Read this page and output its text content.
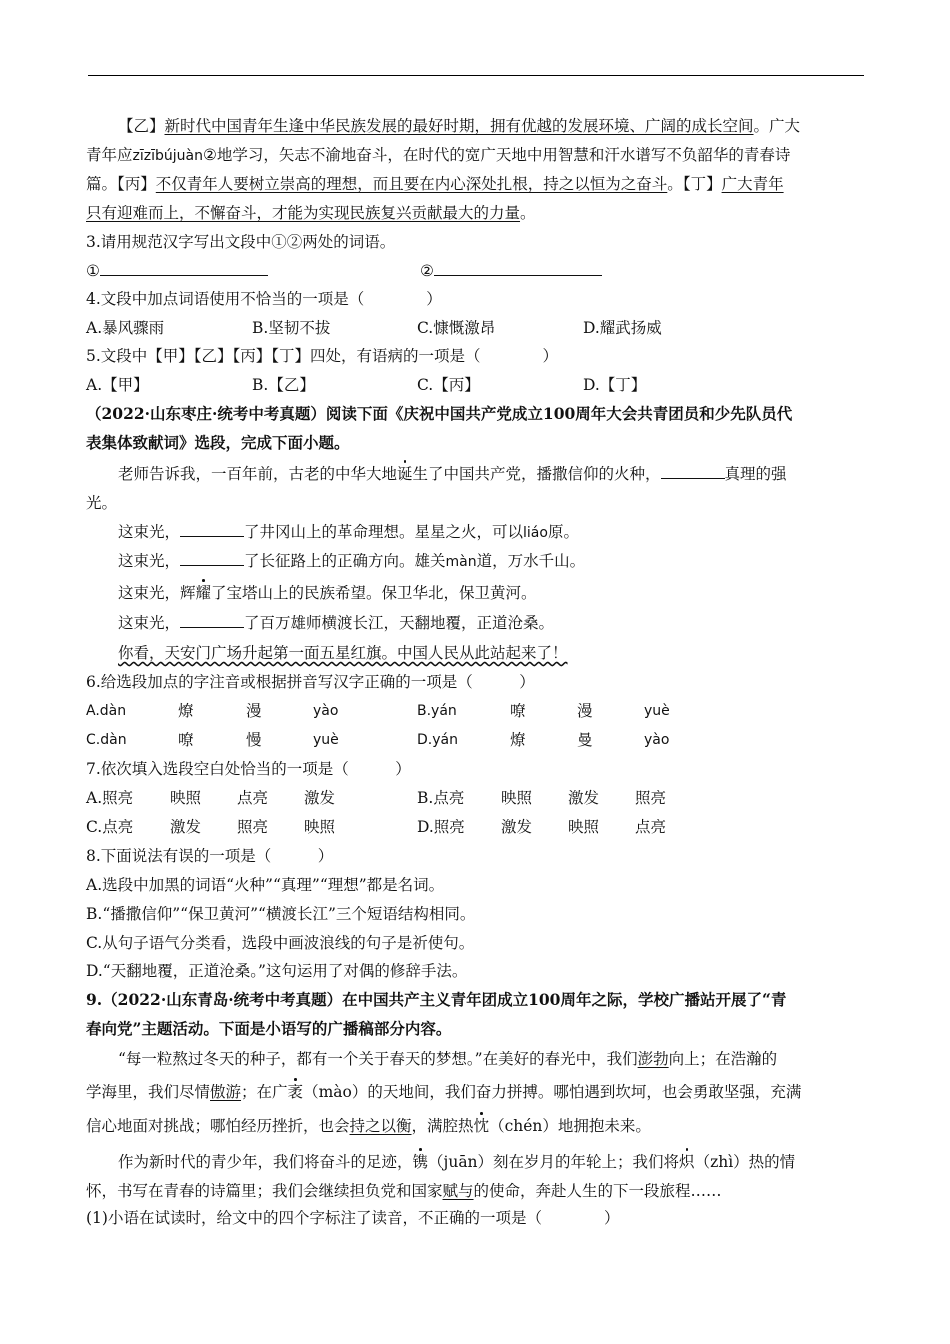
【乙】新时代中国青年生逢中华民族发展的最好时期，拥有优越的发展环境、广阔的成长空间。广大
青年应zīzībújuàn②地学习，矢志不渝地奋斗，在时代的宽广天地中用智慧和汗水谱写不负韶华的青春诗
篇。【丙】不仅青年人要树立崇高的理想，而且要在内心深处扎根，持之以恒为之奋斗。【丁】广大青年
只有迎难而上，不懈奋斗，才能为实现民族复兴贡献最大的力量。
3.请用规范汉字写出文段中①②两处的词语。
①	②
4.文段中加点词语使用不恰当的一项是（　　　　）
A.暴风骤雨	B.坚韧不拔	C.慷慨激昂	D.耀武扬威
5.文段中【甲】【乙】【丙】【丁】四处，有语病的一项是（　　　　）
A.【甲】	B.【乙】	C.【丙】	D.【丁】
（2022·山东枣庄·统考中考真题）阅读下面《庆祝中国共产党成立100周年大会共青团员和少先队员代
表集体致献词》选段，完成下面小题。
老师告诉我，一百年前，古老的中华大地诞生了中国共产党，播撒信仰的火种，	真理的强
光。
这束光，	了井冈山上的革命理想。星星之火，可以liáo原。
这束光，	了长征路上的正确方向。雄关màn道，万水千山。
这束光，辉耀了宝塔山上的民族希望。保卫华北，保卫黄河。
这束光，	了百万雄师横渡长江，天翻地覆，正道沧桑。
你看，天安门广场升起第一面五星红旗。中国人民从此站起来了！
6.给选段加点的字注音或根据拼音写汉字正确的一项是（　　　）
A.dàn	燎	漫	yào	B.yán	嘹	漫	yuè
C.dàn	嘹	慢	yuè	D.yán	燎	曼	yào
7.依次填入选段空白处恰当的一项是（　　　）
A.照亮 映照 点亮 激发	B.点亮 映照 激发 照亮
C.点亮 激发 照亮 映照	D.照亮 激发 映照 点亮
8.下面说法有误的一项是（　　　）
A.选段中加黑的词语“火种”“真理”“理想”都是名词。
B.“播撒信仰”“保卫黄河”“横渡长江”三个短语结构相同。
C.从句子语气分类看，选段中画波浪线的句子是祈使句。
D.“天翻地覆，正道沧桑。”这句运用了对偶的修辞手法。
9.（2022·山东青岛·统考中考真题）在中国共产主义青年团成立100周年之际，学校广播站开展了“青
春向党”主题活动。下面是小语写的广播稿部分内容。
“每一粒熬过冬天的种子，都有一个关于春天的梦想。”在美好的春光中，我们澎勃向上；在浩瀚的
学海里，我们尽情傲游；在广袤（màо）的天地间，我们奋力拼搏。哪怕遇到坎坷，也会勇敢坚强，充满
信心地面对挑战；哪怕经历挫折，也会持之以衡，满腔热忱（chén）地拥抱未来。
作为新时代的青少年，我们将奋斗的足迹，镌（juān）刻在岁月的年轮上；我们将炽（zhì）热的情
怀，书写在青春的诗篇里；我们会继续担负党和国家赋与的使命，奔赴人生的下一段旅程……
(1)小语在试读时，给文中的四个字标注了读音，不正确的一项是（　　　　）
